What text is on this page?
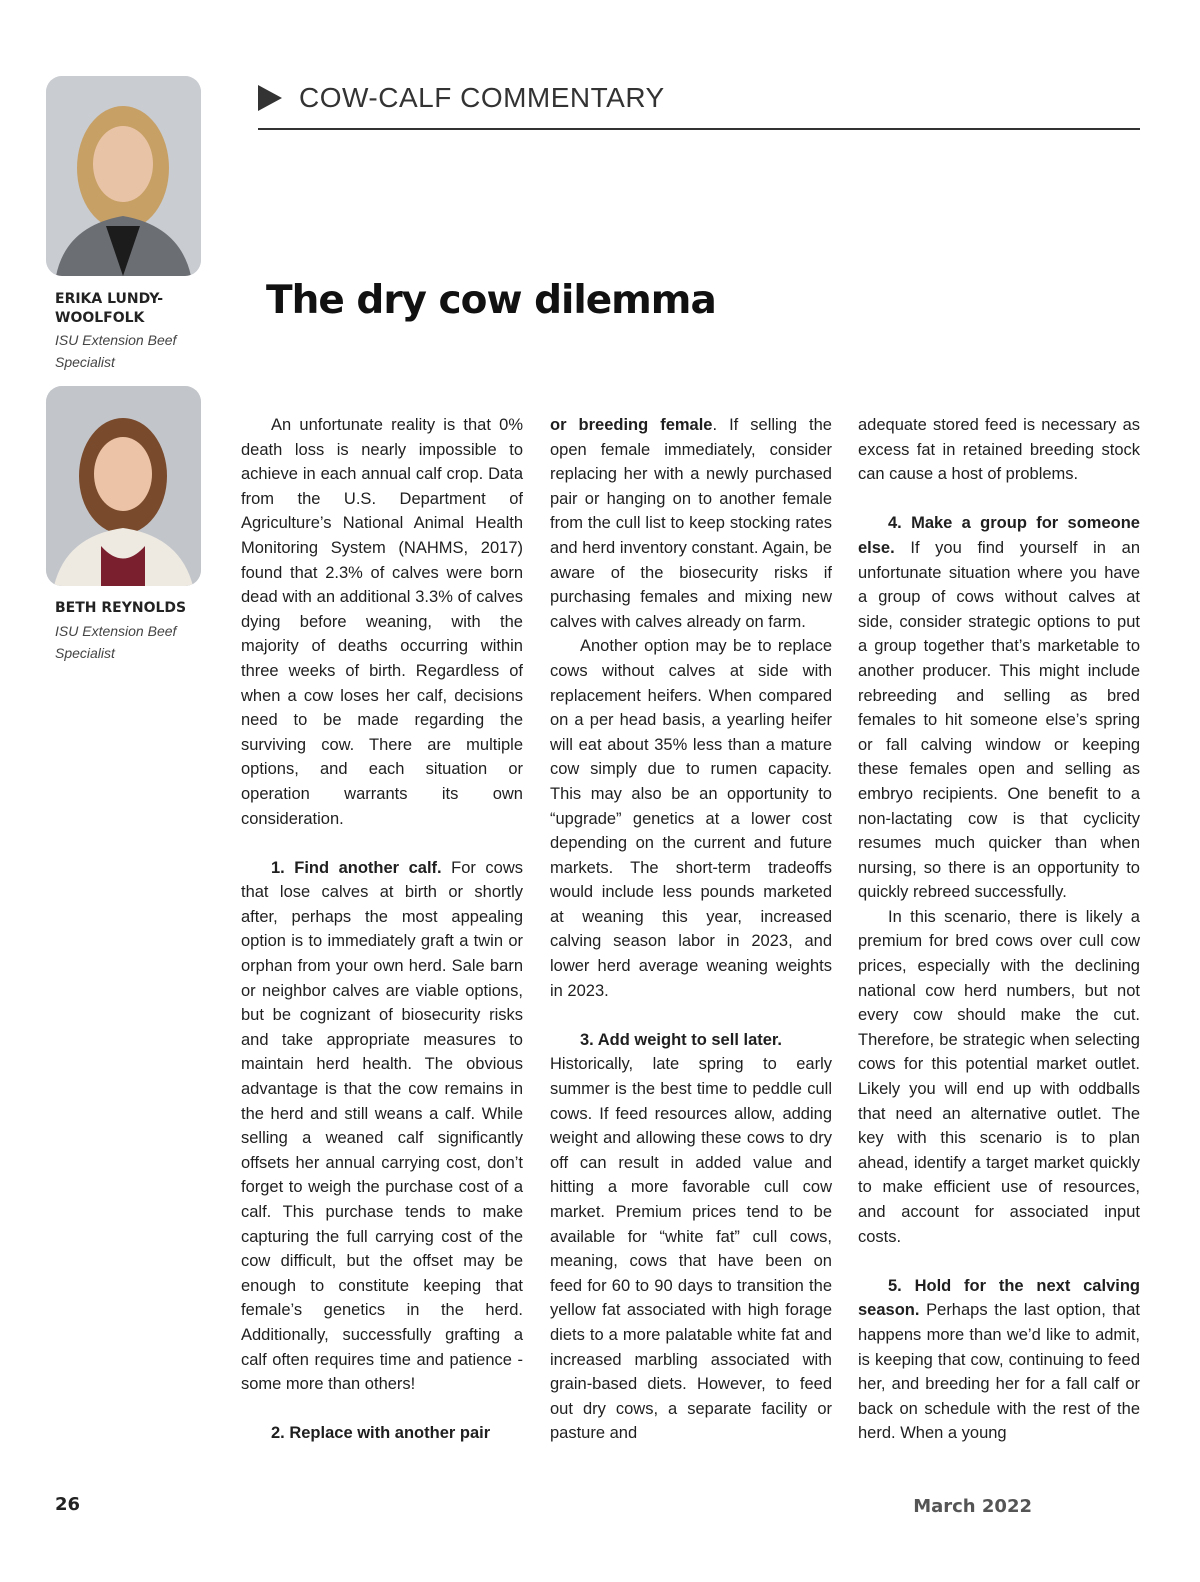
ERIKA LUNDY-WOOLFOLK
ISU Extension Beef Specialist
BETH REYNOLDS
ISU Extension Beef Specialist
COW-CALF COMMENTARY
The dry cow dilemma

An unfortunate reality is that 0% death loss is nearly impossible to achieve in each annual calf crop. Data from the U.S. Department of Agriculture’s National Animal Health Monitoring System (NAHMS, 2017) found that 2.3% of calves were born dead with an additional 3.3% of calves dying before weaning, with the majority of deaths occurring within three weeks of birth. Regardless of when a cow loses her calf, decisions need to be made regarding the surviving cow. There are multiple options, and each situation or operation warrants its own consideration.

1. Find another calf. For cows that lose calves at birth or shortly after, perhaps the most appealing option is to immediately graft a twin or orphan from your own herd. Sale barn or neighbor calves are viable options, but be cognizant of biosecurity risks and take appropriate measures to maintain herd health. The obvious advantage is that the cow remains in the herd and still weans a calf. While selling a weaned calf significantly offsets her annual carrying cost, don’t forget to weigh the purchase cost of a calf. This purchase tends to make capturing the full carrying cost of the cow difficult, but the offset may be enough to constitute keeping that female’s genetics in the herd. Additionally, successfully grafting a calf often requires time and patience - some more than others!

2. Replace with another pair

or breeding female. If selling the open female immediately, consider replacing her with a newly purchased pair or hanging on to another female from the cull list to keep stocking rates and herd inventory constant. Again, be aware of the biosecurity risks if purchasing females and mixing new calves with calves already on farm.

Another option may be to replace cows without calves at side with replacement heifers. When compared on a per head basis, a yearling heifer will eat about 35% less than a mature cow simply due to rumen capacity. This may also be an opportunity to “upgrade” genetics at a lower cost depending on the current and future markets. The short-term tradeoffs would include less pounds marketed at weaning this year, increased calving season labor in 2023, and lower herd average weaning weights in 2023.

3. Add weight to sell later.

Historically, late spring to early summer is the best time to peddle cull cows. If feed resources allow, adding weight and allowing these cows to dry off can result in added value and hitting a more favorable cull cow market. Premium prices tend to be available for “white fat” cull cows, meaning, cows that have been on feed for 60 to 90 days to transition the yellow fat associated with high forage diets to a more palatable white fat and increased marbling associated with grain-based diets. However, to feed out dry cows, a separate facility or pasture and

adequate stored feed is necessary as excess fat in retained breeding stock can cause a host of problems.

4. Make a group for someone else. If you find yourself in an unfortunate situation where you have a group of cows without calves at side, consider strategic options to put a group together that’s marketable to another producer. This might include rebreeding and selling as bred females to hit someone else’s spring or fall calving window or keeping these females open and selling as embryo recipients. One benefit to a non-lactating cow is that cyclicity resumes much quicker than when nursing, so there is an opportunity to quickly rebreed successfully.

In this scenario, there is likely a premium for bred cows over cull cow prices, especially with the declining national cow herd numbers, but not every cow should make the cut. Therefore, be strategic when selecting cows for this potential market outlet. Likely you will end up with oddballs that need an alternative outlet. The key with this scenario is to plan ahead, identify a target market quickly to make efficient use of resources, and account for associated input costs.

5. Hold for the next calving season. Perhaps the last option, that happens more than we’d like to admit, is keeping that cow, continuing to feed her, and breeding her for a fall calf or back on schedule with the rest of the herd. When a young

26	March 2022
